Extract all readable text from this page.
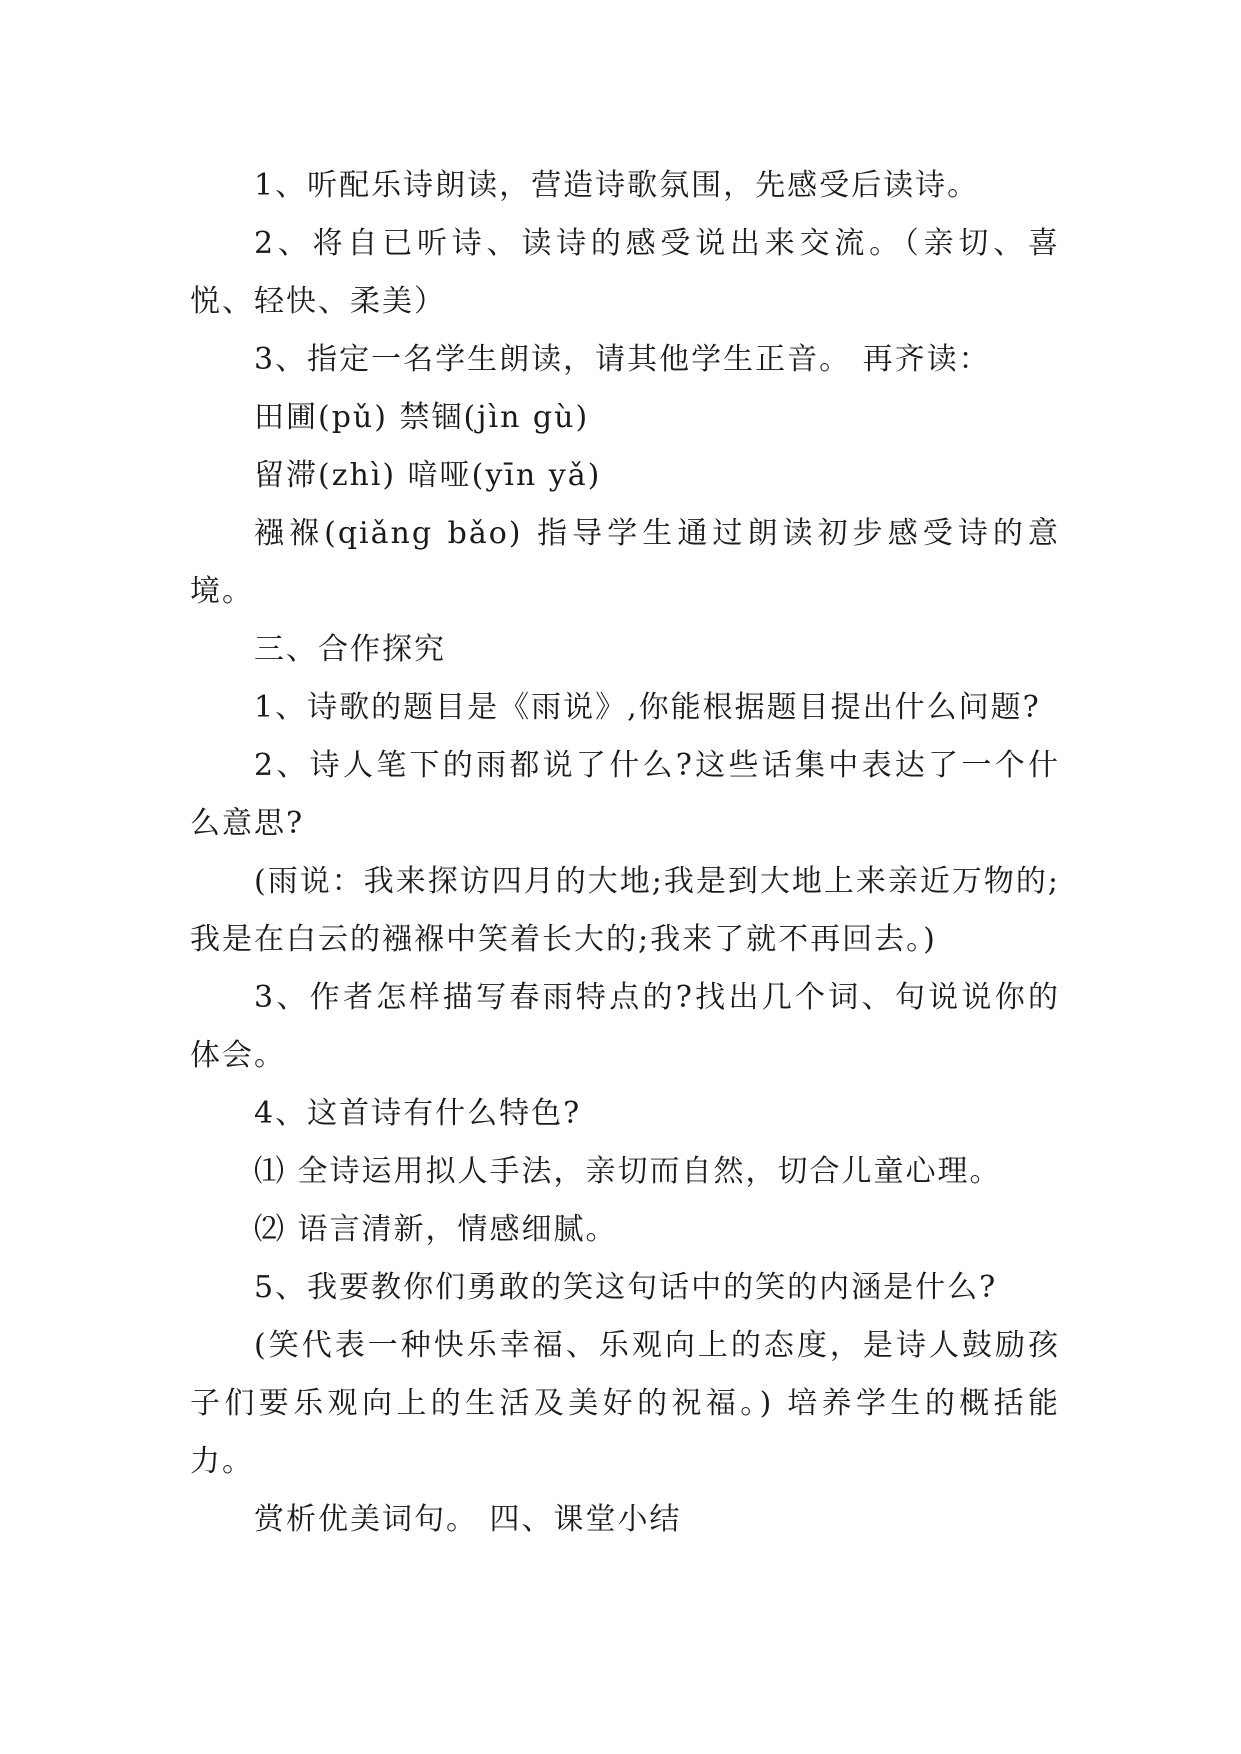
1、听配乐诗朗读，营造诗歌氛围，先感受后读诗。

2、将自已听诗、读诗的感受说出来交流。（亲切、喜悦、轻快、柔美）

3、指定一名学生朗读，请其他学生正音。 再齐读：

田圃(pǔ) 禁锢(jìn gù)

留滞(zhì) 喑哑(yīn yǎ)

襁褓(qiǎng bǎo) 指导学生通过朗读初步感受诗的意境。

三、合作探究

1、诗歌的题目是《雨说》,你能根据题目提出什么问题?

2、诗人笔下的雨都说了什么?这些话集中表达了一个什么意思?

(雨说：我来探访四月的大地;我是到大地上来亲近万物的;我是在白云的襁褓中笑着长大的;我来了就不再回去。)

3、作者怎样描写春雨特点的?找出几个词、句说说你的体会。

4、这首诗有什么特色?

⑴ 全诗运用拟人手法，亲切而自然，切合儿童心理。

⑵ 语言清新，情感细腻。

5、我要教你们勇敢的笑这句话中的笑的内涵是什么?

(笑代表一种快乐幸福、乐观向上的态度，是诗人鼓励孩子们要乐观向上的生活及美好的祝福。) 培养学生的概括能力。

赏析优美词句。 四、课堂小结
